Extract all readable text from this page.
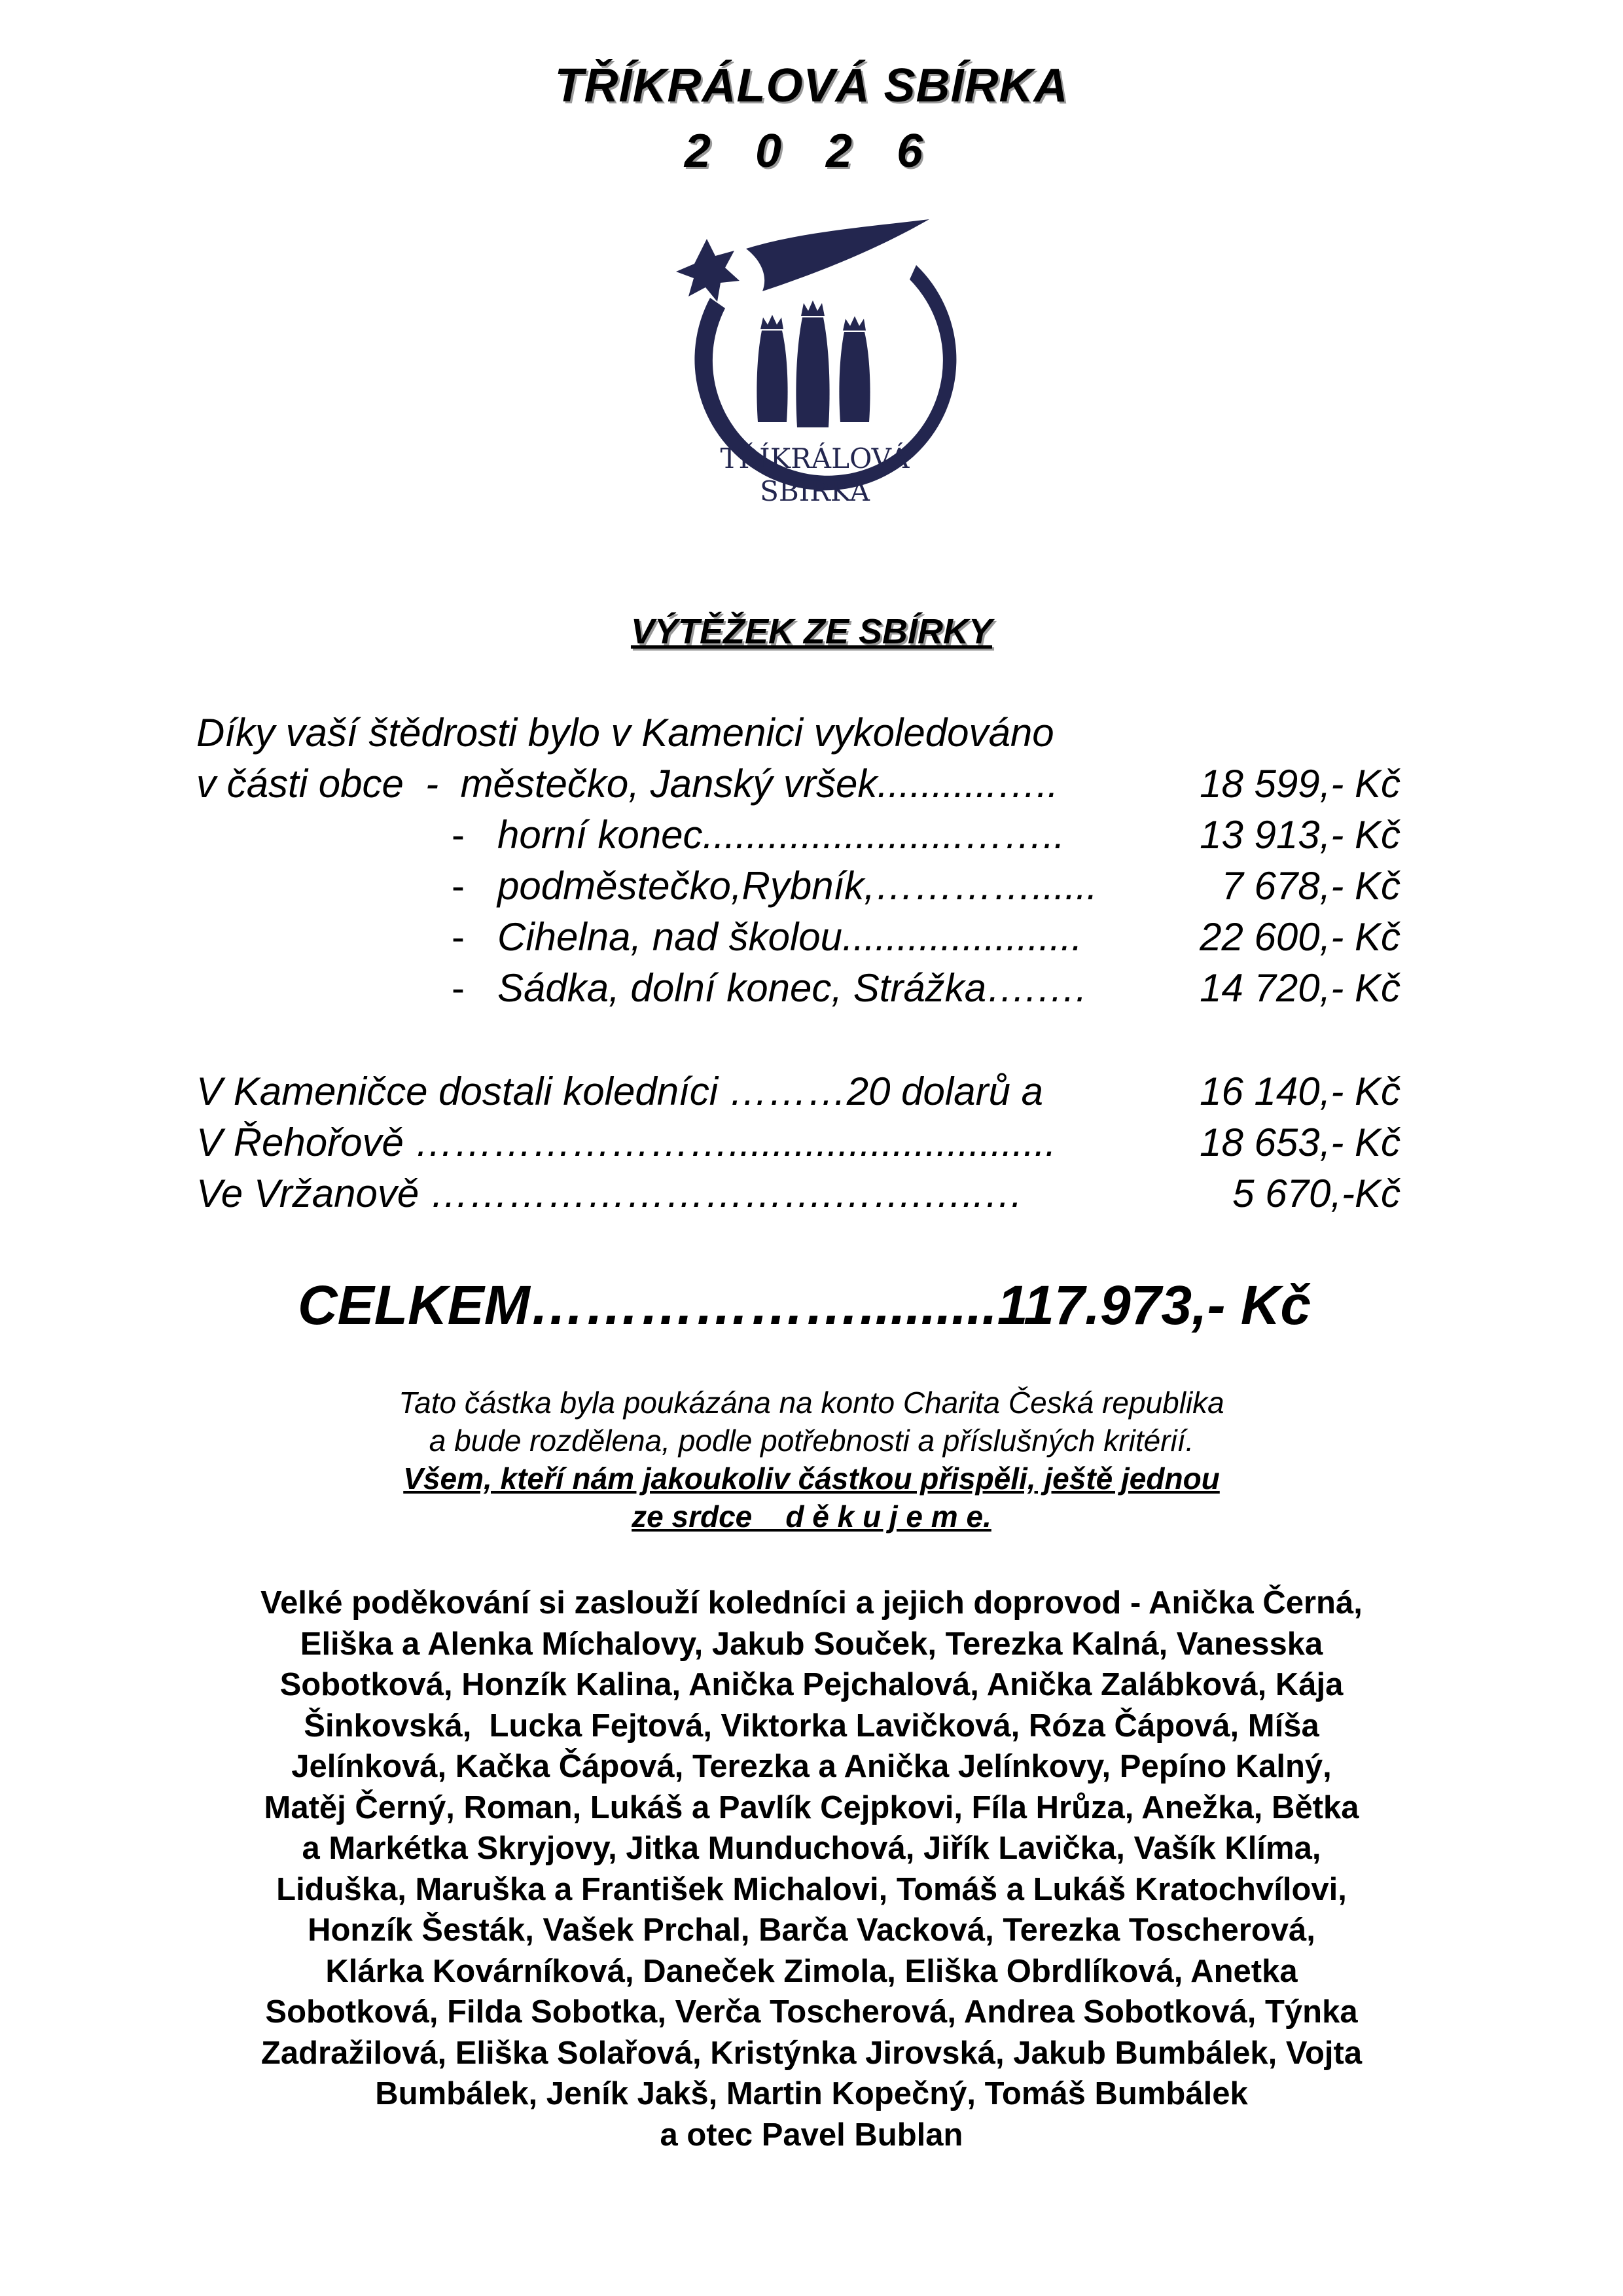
TŘÍKRÁLOVÁ SBÍRKA
2 0 2 6
TŘÍKRÁLOVÁ
SBÍRKA
VÝTĚŽEK ZE SBÍRKY
Díky vaší štědrosti bylo v Kamenici vykoledováno

v části obce  -  městečko, Janský vršek...........…..

	18 599,- Kč

-

horní konec........................……..

	13 913,- Kč

-

podměstečko,Rybník,…………......

	7 678,- Kč

-

Cihelna, nad školou......................

	22 600,- Kč

-

Sádka, dolní konec, Strážka….….

	14 720,- Kč

V Kameničce dostali koledníci ………20 dolarů a

	16 140,- Kč

V Řehořově ……………………..............................

	18 653,- Kč

Ve Vržanově ………………………….…….…..…

	5 670,-Kč

CELKEM……………….........117.973,- Kč
Tato částka byla poukázána na konto Charita Česká republika
a bude rozdělena, podle potřebnosti a příslušných kritérií.
Všem, kteří nám jakoukoliv částkou přispěli, ještě jednou
ze srdce    d ě k u j e m e.
Velké poděkování si zaslouží koledníci a jejich doprovod - Anička Černá,
Eliška a Alenka Míchalovy, Jakub Souček, Terezka Kalná, Vanesska
Sobotková, Honzík Kalina, Anička Pejchalová, Anička Zalábková, Kája
Šinkovská,  Lucka Fejtová, Viktorka Lavičková, Róza Čápová, Míša
Jelínková, Kačka Čápová, Terezka a Anička Jelínkovy, Pepíno Kalný,
Matěj Černý, Roman, Lukáš a Pavlík Cejpkovi, Fíla Hrůza, Anežka, Bětka
a Markétka Skryjovy, Jitka Munduchová, Jiřík Lavička, Vašík Klíma,
Liduška, Maruška a František Michalovi, Tomáš a Lukáš Kratochvílovi,
Honzík Šesták, Vašek Prchal, Barča Vacková, Terezka Toscherová,
Klárka Kovárníková, Daneček Zimola, Eliška Obrdlíková, Anetka
Sobotková, Filda Sobotka, Verča Toscherová, Andrea Sobotková, Týnka
Zadražilová, Eliška Solařová, Kristýnka Jirovská, Jakub Bumbálek, Vojta
Bumbálek, Jeník Jakš, Martin Kopečný, Tomáš Bumbálek
a otec Pavel Bublan
